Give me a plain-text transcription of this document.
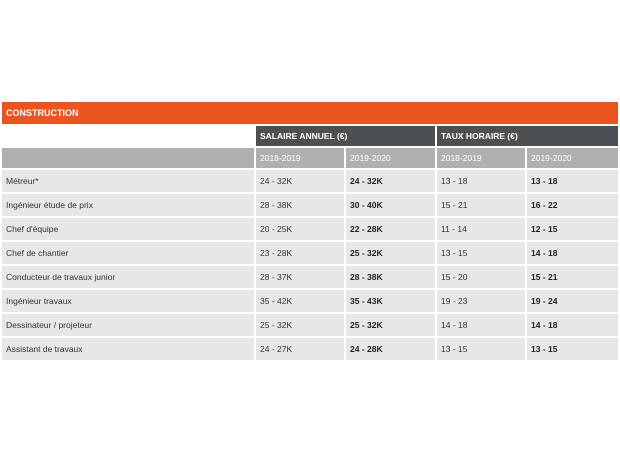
CONSTRUCTION
	SALAIRE ANNUEL (€)		TAUX HORAIRE (€)	
	2018-2019	2019-2020	2018-2019	2019-2020
Métreur*	24 - 32K	24 - 32K	13 - 18	13 - 18
Ingénieur étude de prix	28 - 38K	30 - 40K	15 - 21	16 - 22
Chef d'équipe	20 - 25K	22 - 28K	11 - 14	12 - 15
Chef de chantier	23 - 28K	25 - 32K	13 - 15	14 - 18
Conducteur de travaux junior	28 - 37K	28 - 38K	15 - 20	15 - 21
Ingénieur travaux	35 - 42K	35 - 43K	19 - 23	19 - 24
Dessinateur / projeteur	25 - 32K	25 - 32K	14 - 18	14 - 18
Assistant de travaux	24 - 27K	24 - 28K	13 - 15	13 - 15
